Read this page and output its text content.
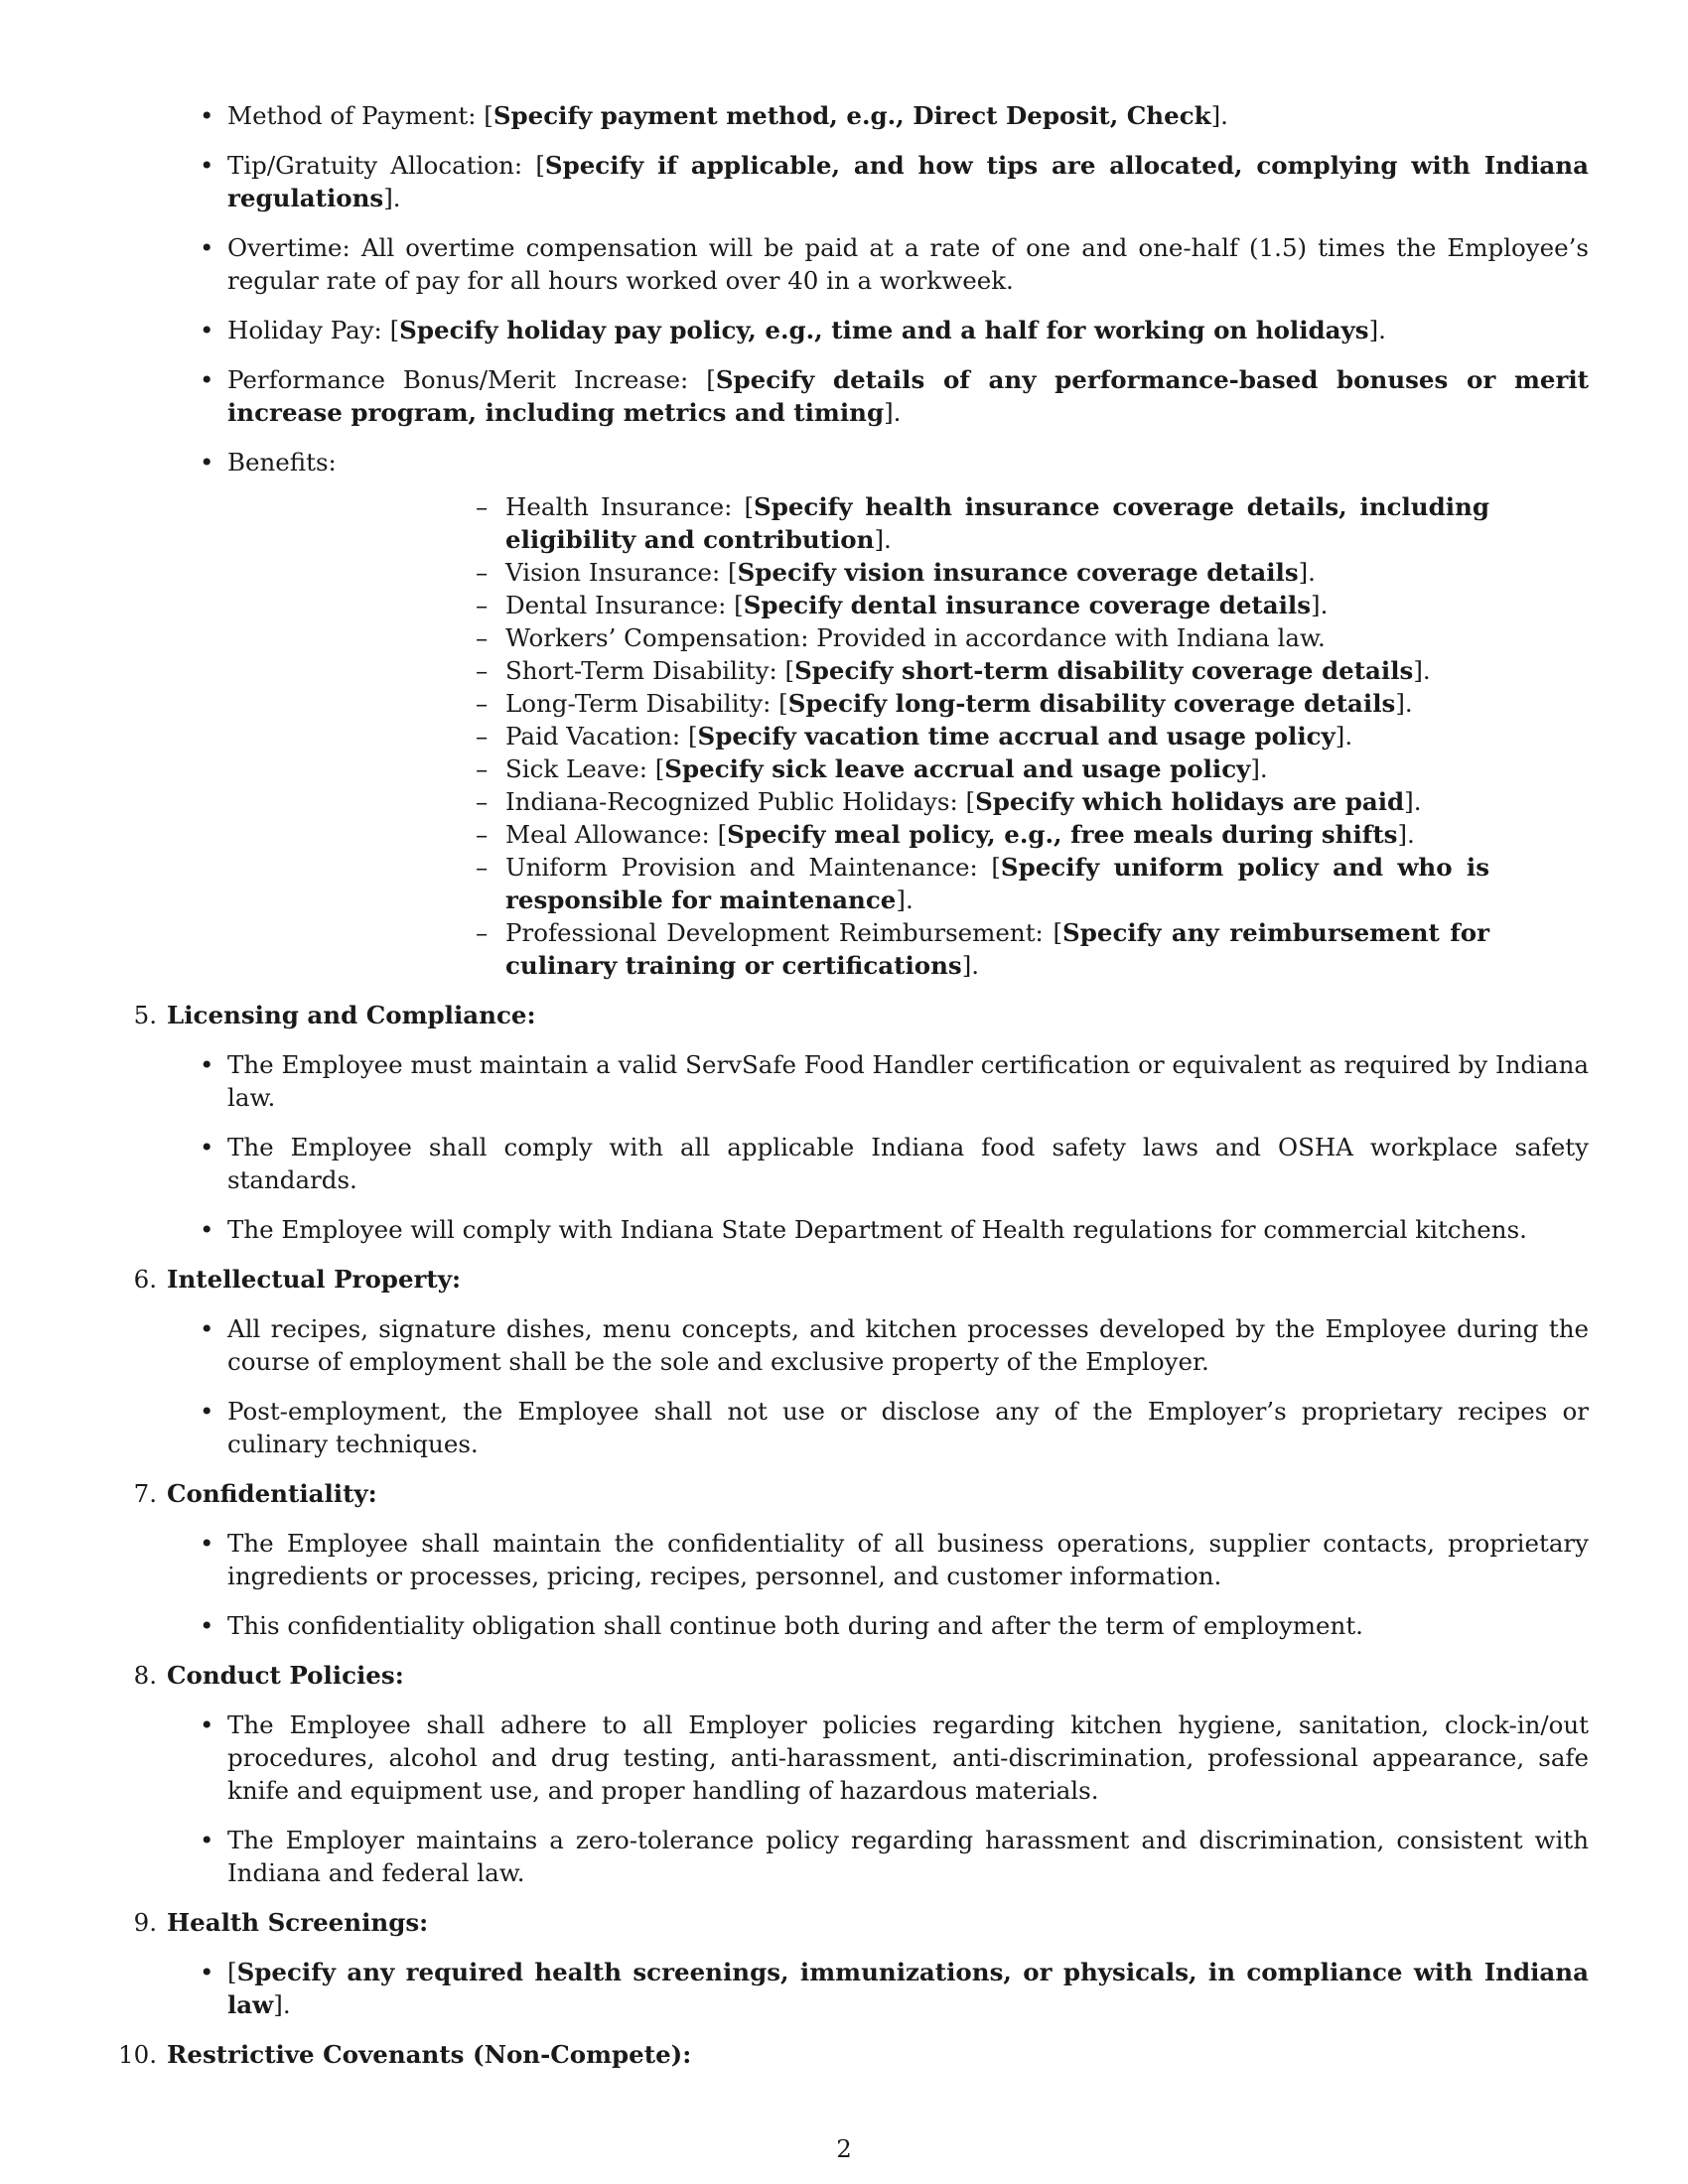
• Method of Payment: [Specify payment method, e.g., Direct Deposit, Check].
• Tip/Gratuity Allocation: [Specify if applicable, and how tips are allocated, complying with Indiana regulations].
• Overtime: All overtime compensation will be paid at a rate of one and one-half (1.5) times the Employee’s regular rate of pay for all hours worked over 40 in a workweek.
• Holiday Pay: [Specify holiday pay policy, e.g., time and a half for working on holidays].
• Performance Bonus/Merit Increase: [Specify details of any performance-based bonuses or merit increase program, including metrics and timing].
• Benefits:
– Health Insurance: [Specify health insurance coverage details, including eligibility and contribution].
– Vision Insurance: [Specify vision insurance coverage details].
– Dental Insurance: [Specify dental insurance coverage details].
– Workers’ Compensation: Provided in accordance with Indiana law.
– Short-Term Disability: [Specify short-term disability coverage details].
– Long-Term Disability: [Specify long-term disability coverage details].
– Paid Vacation: [Specify vacation time accrual and usage policy].
– Sick Leave: [Specify sick leave accrual and usage policy].
– Indiana-Recognized Public Holidays: [Specify which holidays are paid].
– Meal Allowance: [Specify meal policy, e.g., free meals during shifts].
– Uniform Provision and Maintenance: [Specify uniform policy and who is responsible for maintenance].
– Professional Development Reimbursement: [Specify any reimbursement for culinary training or certifications].
5. Licensing and Compliance:
• The Employee must maintain a valid ServSafe Food Handler certification or equivalent as required by Indiana law.
• The Employee shall comply with all applicable Indiana food safety laws and OSHA workplace safety standards.
• The Employee will comply with Indiana State Department of Health regulations for commercial kitchens.
6. Intellectual Property:
• All recipes, signature dishes, menu concepts, and kitchen processes developed by the Employee during the course of employment shall be the sole and exclusive property of the Employer.
• Post-employment, the Employee shall not use or disclose any of the Employer’s proprietary recipes or culinary techniques.
7. Confidentiality:
• The Employee shall maintain the confidentiality of all business operations, supplier contacts, proprietary ingredients or processes, pricing, recipes, personnel, and customer information.
• This confidentiality obligation shall continue both during and after the term of employment.
8. Conduct Policies:
• The Employee shall adhere to all Employer policies regarding kitchen hygiene, sanitation, clock-in/out procedures, alcohol and drug testing, anti-harassment, anti-discrimination, professional appearance, safe knife and equipment use, and proper handling of hazardous materials.
• The Employer maintains a zero-tolerance policy regarding harassment and discrimination, consistent with Indiana and federal law.
9. Health Screenings:
• [Specify any required health screenings, immunizations, or physicals, in compliance with Indiana law].
10. Restrictive Covenants (Non-Compete):
2
